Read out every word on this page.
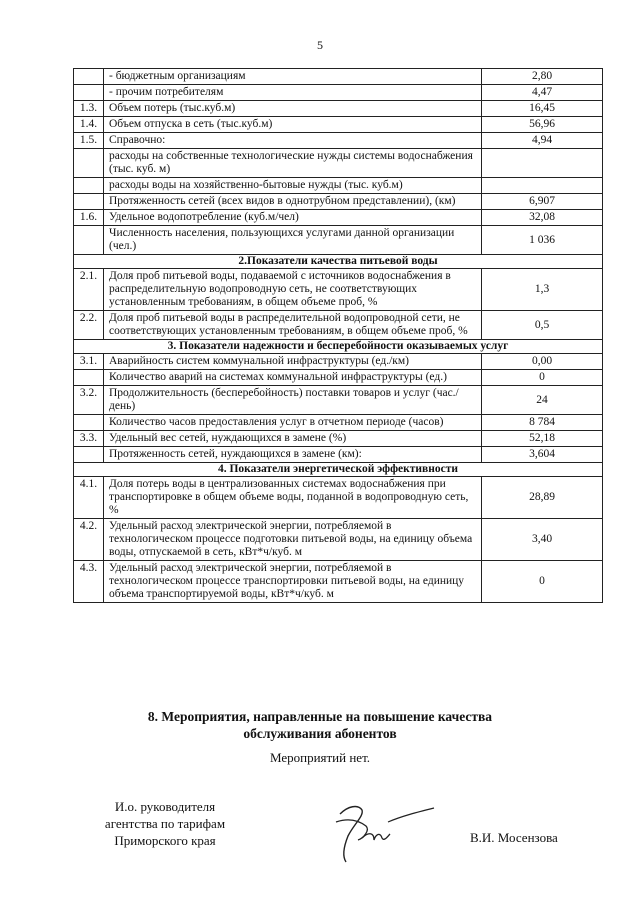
5
	- бюджетным организациям	2,80
	- прочим потребителям	4,47
1.3.	Объем потерь (тыс.куб.м)	16,45
1.4.	Объем отпуска в сеть (тыс.куб.м)	56,96
1.5.	Справочно:	4,94
	расходы на собственные технологические нужды системы водоснабжения (тыс. куб. м)	
	расходы воды на хозяйственно-бытовые нужды (тыс. куб.м)	
	Протяженность сетей (всех видов в однотрубном представлении), (км)	6,907
1.6.	Удельное водопотребление (куб.м/чел)	32,08
	Численность населения, пользующихся услугами данной организации (чел.)	1 036
2.Показатели качества питьевой воды		
2.1.	Доля проб питьевой воды, подаваемой с источников водоснабжения в распределительную водопроводную сеть, не соответствующих установленным требованиям, в общем объеме проб, %	1,3
2.2.	Доля проб питьевой воды в распределительной водопроводной сети, не соответствующих установленным требованиям, в общем объеме проб, %	0,5
3. Показатели надежности и бесперебойности оказываемых услуг		
3.1.	Аварийность систем коммунальной инфраструктуры (ед./км)	0,00
	Количество аварий на системах коммунальной инфраструктуры (ед.)	0
3.2.	Продолжительность (бесперебойность) поставки товаров и услуг (час./день)	24
	Количество часов предоставления услуг в отчетном периоде (часов)	8 784
3.3.	Удельный вес сетей, нуждающихся в замене (%)	52,18
	Протяженность сетей, нуждающихся в замене (км):	3,604
4. Показатели энергетической эффективности		
4.1.	Доля потерь воды в централизованных системах водоснабжения при транспортировке в общем объеме воды, поданной в водопроводную сеть, %	28,89
4.2.	Удельный расход электрической энергии, потребляемой в технологическом процессе подготовки питьевой воды, на единицу объема воды, отпускаемой в сеть, кВт*ч/куб. м	3,40
4.3.	Удельный расход электрической энергии, потребляемой в технологическом процессе транспортировки питьевой воды, на единицу объема транспортируемой воды, кВт*ч/куб. м	0
8. Мероприятия, направленные на повышение качества
обслуживания абонентов
Мероприятий нет.
И.о. руководителя
агентства по тарифам
Приморского края	В.И. Мосензова
